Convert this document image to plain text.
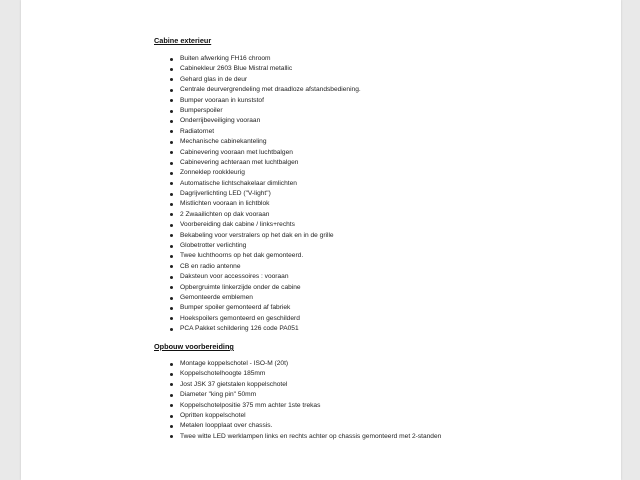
Cabine exterieur
Buiten afwerking FH16 chroom
Cabinekleur 2603 Blue Mistral metallic
Gehard glas in de deur
Centrale deurvergrendeling met draadloze afstandsbediening.
Bumper vooraan in kunststof
Bumperspoiler
Onderrijbeveiliging vooraan
Radiatornet
Mechanische cabinekanteling
Cabinevering vooraan met luchtbalgen
Cabinevering achteraan met luchtbalgen
Zonneklep rookkleurig
Automatische lichtschakelaar dimlichten
Dagrijverlichting LED ("V-light")
Mistlichten vooraan in lichtblok
2 Zwaailichten op dak vooraan
Voorbereiding dak cabine / links+rechts
Bekabeling voor verstralers op het dak en in de grille
Globetrotter verlichting
Twee luchthoorns op het dak gemonteerd.
CB en radio antenne
Daksteun voor accessoires : vooraan
Opbergruimte linkerzijde onder de cabine
Gemonteerde emblemen
Bumper spoiler gemonteerd af fabriek
Hoekspoilers gemonteerd en geschilderd
PCA Pakket schildering 126 code PA051
Opbouw voorbereiding
Montage koppelschotel - ISO-M (20t)
Koppelschotelhoogte 185mm
Jost JSK 37 gietstalen koppelschotel
Diameter "king pin" 50mm
Koppelschotelpositie 375 mm achter 1ste trekas
Opritten koppelschotel
Metalen loopplaat over chassis.
Twee witte LED werklampen links en rechts achter op chassis gemonteerd met 2-standen
